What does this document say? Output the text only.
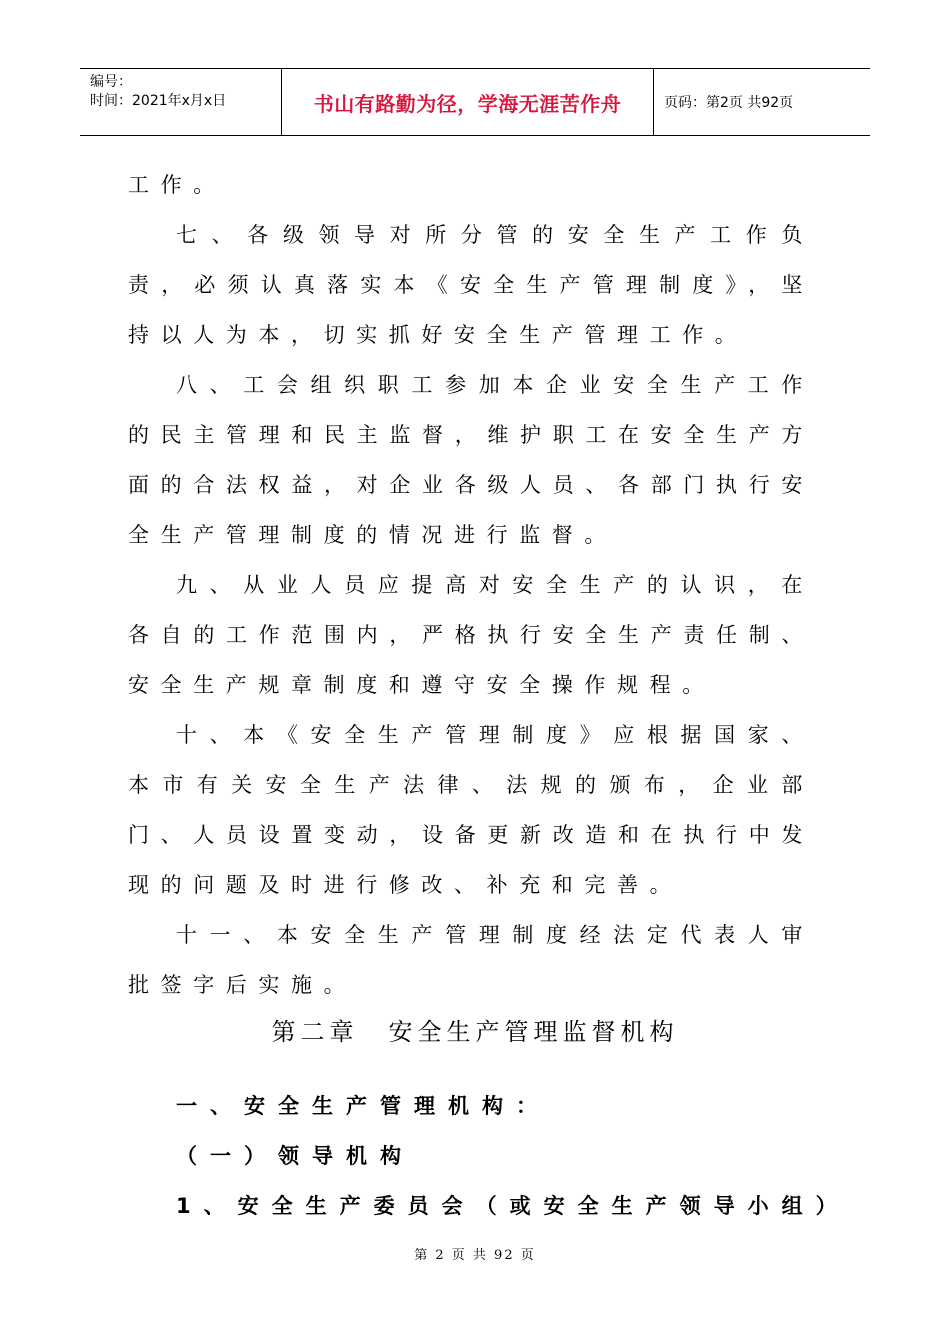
编号：
时间：2021年x月x日	书山有路勤为径，学海无涯苦作舟	页码：第2页 共92页

工作。

七、各级领导对所分管的安全生产工作负责，必须认真落实本《安全生产管理制度》，坚持以人为本，切实抓好安全生产管理工作。

八、工会组织职工参加本企业安全生产工作的民主管理和民主监督，维护职工在安全生产方面的合法权益，对企业各级人员、各部门执行安全生产管理制度的情况进行监督。

九、从业人员应提高对安全生产的认识，在各自的工作范围内，严格执行安全生产责任制、安全生产规章制度和遵守安全操作规程。

十、本《安全生产管理制度》应根据国家、本市有关安全生产法律、法规的颁布，企业部门、人员设置变动，设备更新改造和在执行中发现的问题及时进行修改、补充和完善。

十一、本安全生产管理制度经法定代表人审批签字后实施。

第二章 安全生产管理监督机构
一、安全生产管理机构：
（一）领导机构
1、安全生产委员会（或安全生产领导小组）
第 2 页 共 92 页
